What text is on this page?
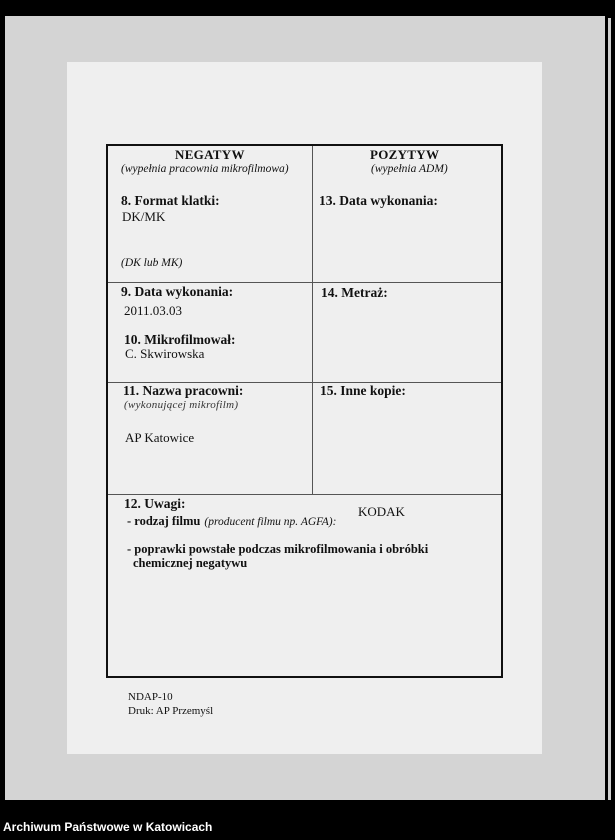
NEGATYW
(wypełnia pracownia mikrofilmowa)
POZYTYW
(wypełnia ADM)
8. Format klatki:
DK/MK
(DK lub MK)
13. Data wykonania:
9. Data wykonania:
2011.03.03
14. Metraż:
10. Mikrofilmował:
C. Skwirowska
11. Nazwa pracowni:
(wykonującej mikrofilm)
AP Katowice
15. Inne kopie:
12. Uwagi:
- rodzaj filmu (producent filmu np. AGFA):
KODAK
- poprawki powstałe podczas mikrofilmowania i obróbki
chemicznej negatywu
NDAP-10
Druk: AP Przemyśl
Archiwum Państwowe w Katowicach
